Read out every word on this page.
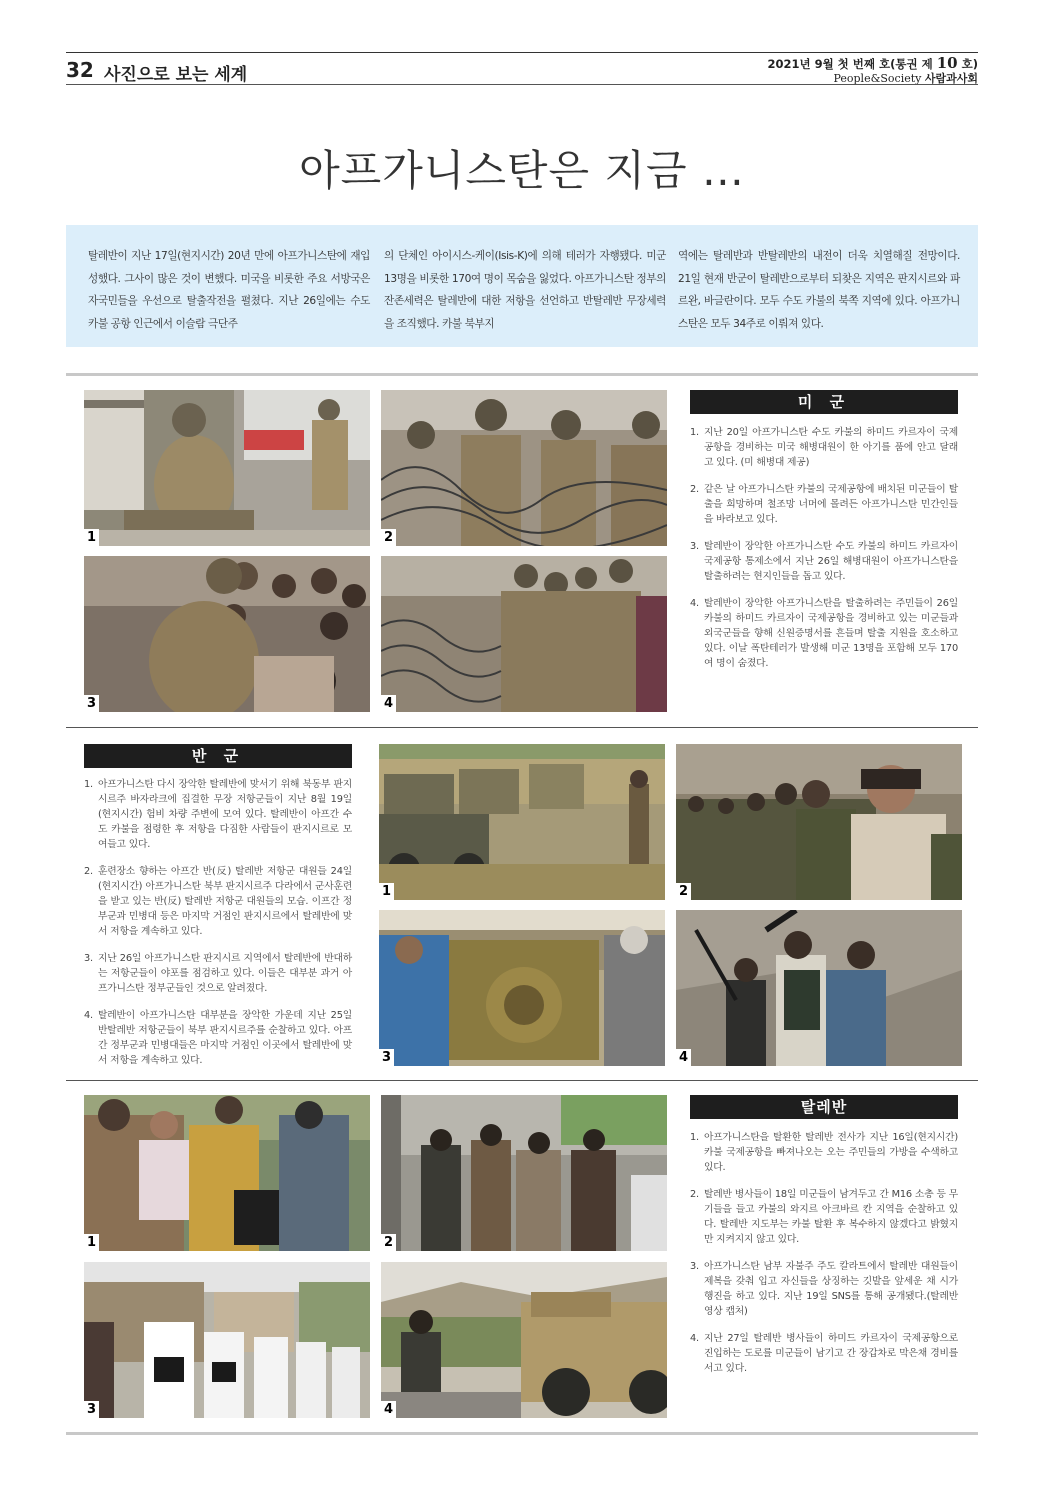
32 사진으로 보는 세계
2021년 9월 첫 번째 호(통권 제 10 호)
People&Society 사람과사회
아프가니스탄은 지금 …
탈레반이 지난 17일(현지시간) 20년 만에 아프가니스탄에 재입성했다. 그사이 많은 것이 변했다. 미국을 비롯한 주요 서방국은 자국민들을 우선으로 탈출작전을 펼쳤다. 지난 26일에는 수도 카불 공항 인근에서 이슬람 극단주
의 단체인 아이시스-케이(Isis-K)에 의해 테러가 자행됐다. 미군 13명을 비롯한 170여 명이 목숨을 잃었다. 아프가니스탄 정부의 잔존세력은 탈레반에 대한 저항을 선언하고 반탈레반 무장세력을 조직했다. 카불 북부지
역에는 탈레반과 반탈레반의 내전이 더욱 치열해질 전망이다. 21일 현재 반군이 탈레반으로부터 되찾은 지역은 판지시르와 파르완, 바글란이다. 모두 수도 카불의 북쪽 지역에 있다. 아프가니스탄은 모두 34주로 이뤄져 있다.
1	2
3	4
미 군
1. 지난 20일 아프가니스탄 수도 카불의 하미드 카르자이 국제공항을 경비하는 미국 해병대원이 한 아기를 품에 안고 달래고 있다. (미 해병대 제공)
2. 같은 날 아프가니스탄 카불의 국제공항에 배치된 미군들이 탈출을 희망하며 철조망 너머에 몰려든 아프가니스탄 민간인들을 바라보고 있다.
3. 탈레반이 장악한 아프가니스탄 수도 카불의 하미드 카르자이 국제공항 통제소에서 지난 26일 해병대원이 아프가니스탄을 탈출하려는 현지인들을 돕고 있다.
4. 탈레반이 장악한 아프가니스탄을 탈출하려는 주민들이 26일 카불의 하미드 카르자이 국제공항을 경비하고 있는 미군들과 외국군들을 향해 신원증명서를 흔들며 탈출 지원을 호소하고 있다. 이날 폭탄테러가 발생해 미군 13명을 포함해 모두 170여 명이 숨졌다.
반 군
1. 아프가니스탄 다시 장악한 탈레반에 맞서기 위해 북동부 판지시르주 바자라크에 집결한 무장 저항군들이 지난 8월 19일(현지시간) 험비 차량 주변에 모여 있다. 탈레반이 아프간 수도 카불을 점령한 후 저항을 다짐한 사람들이 판지시르로 모여들고 있다.
2. 훈련장소 향하는 아프간 반(反) 탈레반 저항군 대원들 24일(현지시간) 아프가니스탄 북부 판지시르주 다라에서 군사훈련을 받고 있는 반(反) 탈레반 저항군 대원들의 모습. 이프간 정부군과 민병대 등은 마지막 거점인 판지시르에서 탈레반에 맞서 저항을 계속하고 있다.
3. 지난 26일 아프가니스탄 판지시르 지역에서 탈레반에 반대하는 저항군들이 야포를 점검하고 있다. 이들은 대부분 과거 아프가니스탄 정부군들인 것으로 알려졌다.
4. 탈레반이 아프가니스탄 대부분을 장악한 가운데 지난 25일 반탈레반 저항군들이 북부 판지시르주를 순찰하고 있다. 아프간 정부군과 민병대들은 마지막 거점인 이곳에서 탈레반에 맞서 저항을 계속하고 있다.
1	2
3	4
1	2
3	4
탈레반
1. 아프가니스탄을 탈환한 탈레반 전사가 지난 16일(현지시간) 카불 국제공항을 빠져나오는 오는 주민들의 가방을 수색하고 있다.
2. 탈레반 병사들이 18일 미군들이 남겨두고 간 M16 소총 등 무기들을 들고 카불의 와지르 아크바르 칸 지역을 순찰하고 있다. 탈레반 지도부는 카불 탈환 후 복수하지 않겠다고 밝혔지만 지켜지지 않고 있다.
3. 아프가니스탄 남부 자불주 주도 칼라트에서 탈레반 대원들이 제복을 갖춰 입고 자신들을 상징하는 깃발을 앞세운 채 시가행진을 하고 있다. 지난 19일 SNS를 통해 공개됐다.(탈레반 영상 캡처)
4. 지난 27일 탈레반 병사들이 하미드 카르자이 국제공항으로 진입하는 도로를 미군들이 남기고 간 장갑차로 막은채 경비를 서고 있다.
